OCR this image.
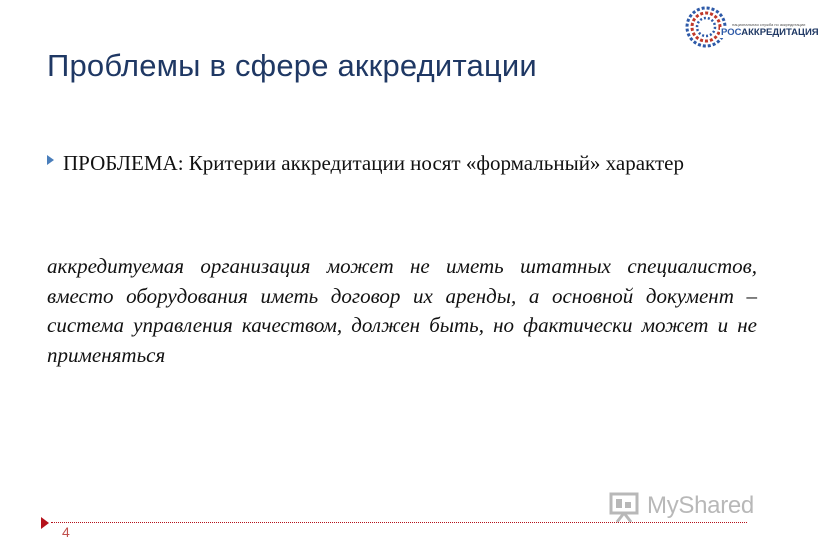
национальная служба по аккредитации
РОСАККРЕДИТАЦИЯ
Проблемы в сфере аккредитации

ПРОБЛЕМА: Критерии аккредитации носят «формальный» характер

аккредитуемая организация может не иметь штатных специалистов, вместо оборудования иметь договор их аренды, а основной документ – система управления качеством, должен быть, но фактически может и не применяться

MyShared
4
